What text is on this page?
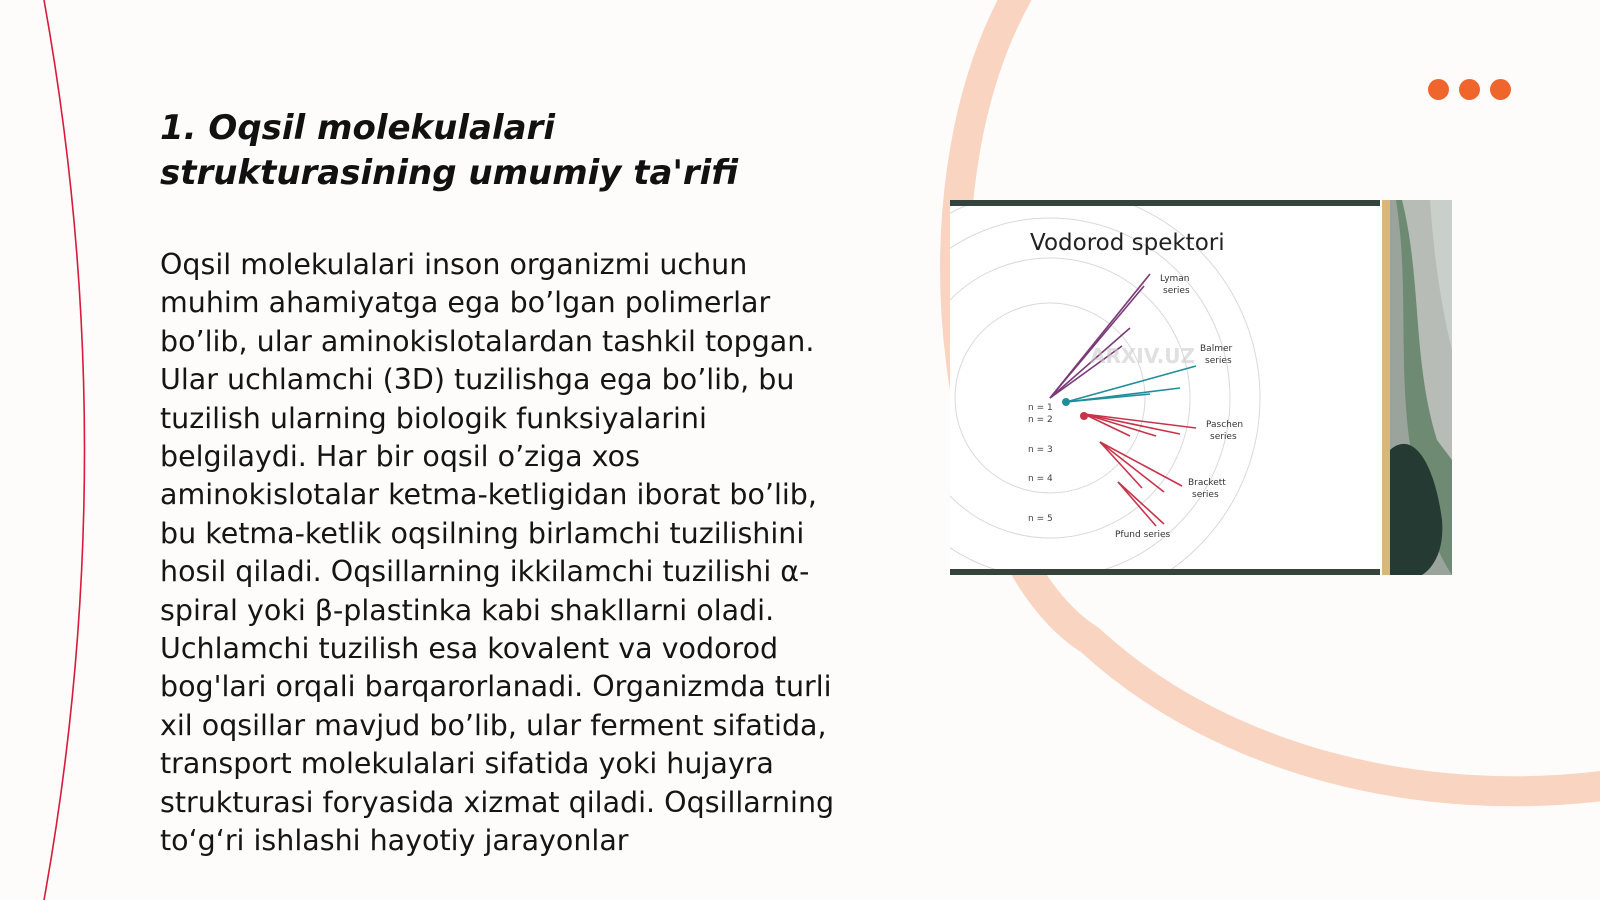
1. Oqsil molekulalari strukturasining umumiy ta'rifi

Oqsil molekulalari inson organizmi uchun muhim ahamiyatga ega bo’lgan polimerlar bo’lib, ular aminokislotalardan tashkil topgan. Ular uchlamchi (3D) tuzilishga ega bo’lib, bu tuzilish ularning biologik funksiyalarini belgilaydi. Har bir oqsil o’ziga xos aminokislotalar ketma-ketligidan iborat bo’lib, bu ketma-ketlik oqsilning birlamchi tuzilishini hosil qiladi. Oqsillarning ikkilamchi tuzilishi α-spiral yoki β-plastinka kabi shakllarni oladi. Uchlamchi tuzilish esa kovalent va vodorod bog'lari orqali barqarorlanadi. Organizmda turli xil oqsillar mavjud bo’lib, ular ferment sifatida, transport molekulalari sifatida yoki hujayra strukturasi foryasida xizmat qiladi. Oqsillarning to‘g‘ri ishlashi hayotiy jarayonlar

Lyman
series
Balmer
series
Paschen
series
Brackett
series
Pfund series
n = 1
n = 2
n = 3
n = 4
n = 5
ARXIV.UZ
Vodorod spektori
